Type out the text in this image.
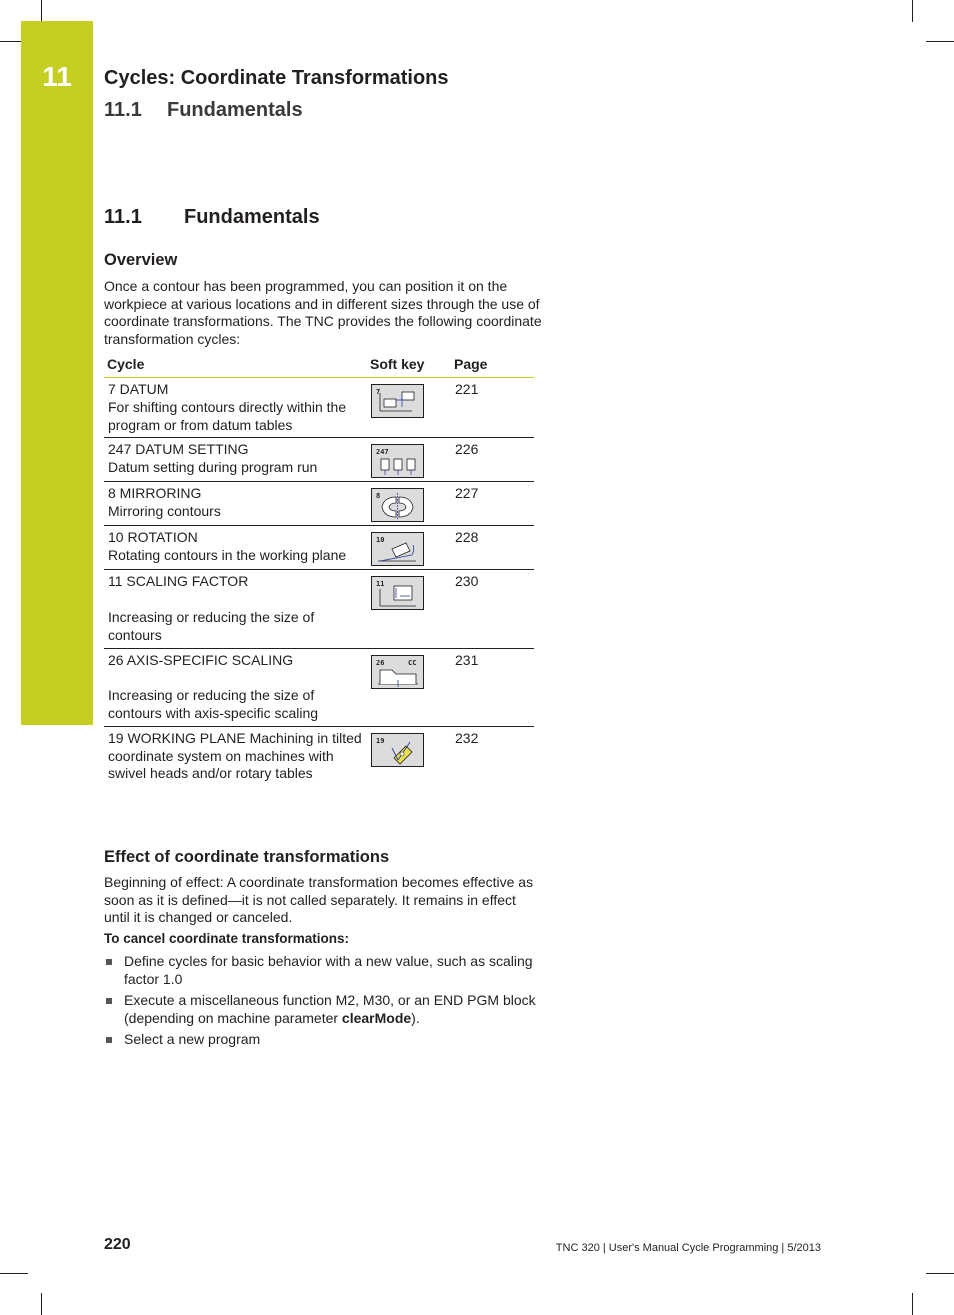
11	Cycles: Coordinate Transformations
11.1 Fundamentals
11.1 Fundamentals
Overview
Once a contour has been programmed, you can position it on the workpiece at various locations and in different sizes through the use of coordinate transformations. The TNC provides the following coordinate transformation cycles:
Cycle	Soft key	Page
7 DATUM
For shifting contours directly within the program or from datum tables	7	221
247 DATUM SETTING
Datum setting during program run	247	226
8 MIRRORING
Mirroring contours	8	227
10 ROTATION
Rotating contours in the working plane	10	228
11 SCALING FACTOR

Increasing or reducing the size of contours	11	230
26 AXIS-SPECIFIC SCALING

Increasing or reducing the size of contours with axis-specific scaling	26 CC	231
19 WORKING PLANE Machining in tilted coordinate system on machines with swivel heads and/or rotary tables	19	232
Effect of coordinate transformations
Beginning of effect: A coordinate transformation becomes effective as soon as it is defined—it is not called separately. It remains in effect until it is changed or canceled.
To cancel coordinate transformations:
Define cycles for basic behavior with a new value, such as scaling factor 1.0
Execute a miscellaneous function M2, M30, or an END PGM block (depending on machine parameter clearMode).
Select a new program
220	TNC 320 | User's Manual Cycle Programming | 5/2013
